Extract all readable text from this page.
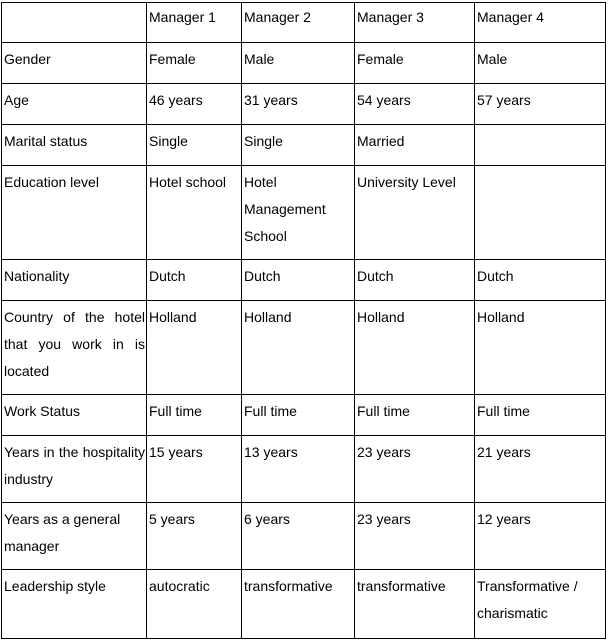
	Manager 1	Manager 2	Manager 3	Manager 4
Gender	Female	Male	Female	Male
Age	46 years	31 years	54 years	57 years
Marital status	Single	Single	Married	
Education level	Hotel school	Hotel Management School	University Level	
Nationality	Dutch	Dutch	Dutch	Dutch
Country of the hotel that you work in is located	Holland	Holland	Holland	Holland
Work Status	Full time	Full time	Full time	Full time
Years in the hospitality industry	15 years	13 years	23 years	21 years
Years as a general manager	5 years	6 years	23 years	12 years
Leadership style	autocratic	transformative	transformative	Transformative / charismatic
